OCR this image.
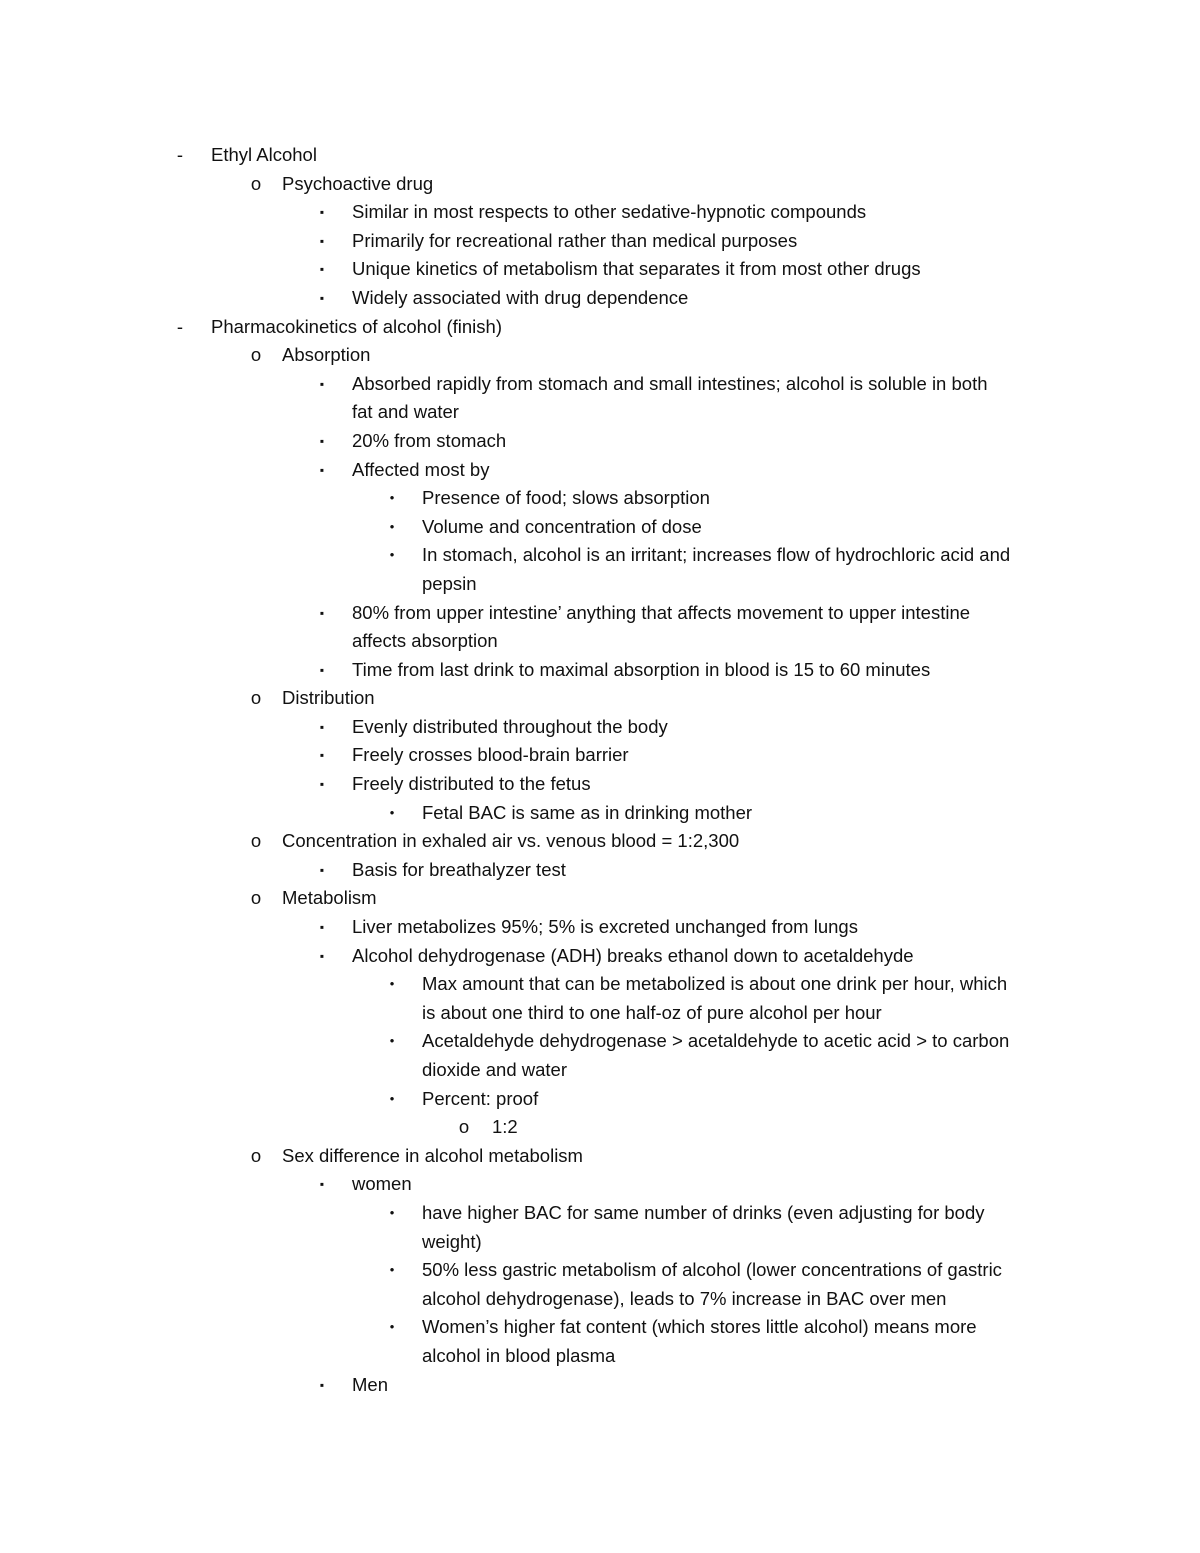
-	Ethyl Alcohol
o Psychoactive drug
▪	Similar in most respects to other sedative-hypnotic compounds
▪	Primarily for recreational rather than medical purposes
▪	Unique kinetics of metabolism that separates it from most other drugs
▪	Widely associated with drug dependence
-	Pharmacokinetics of alcohol (finish)
o Absorption
▪	Absorbed rapidly from stomach and small intestines; alcohol is soluble in both
fat and water
▪	20% from stomach
▪	Affected most by
•	Presence of food; slows absorption
•	Volume and concentration of dose
•	In stomach, alcohol is an irritant; increases flow of hydrochloric acid and
pepsin
▪	80% from upper intestine’ anything that affects movement to upper intestine
affects absorption
▪	Time from last drink to maximal absorption in blood is 15 to 60 minutes
o Distribution
▪	Evenly distributed throughout the body
▪	Freely crosses blood-brain barrier
▪	Freely distributed to the fetus
•	Fetal BAC is same as in drinking mother
o Concentration in exhaled air vs. venous blood = 1:2,300
▪	Basis for breathalyzer test
o Metabolism
▪	Liver metabolizes 95%; 5% is excreted unchanged from lungs
▪	Alcohol dehydrogenase (ADH) breaks ethanol down to acetaldehyde
•	Max amount that can be metabolized is about one drink per hour, which
is about one third to one half-oz of pure alcohol per hour
•	Acetaldehyde dehydrogenase > acetaldehyde to acetic acid > to carbon
dioxide and water
•	Percent: proof
o 1:2
o Sex difference in alcohol metabolism
▪	women
•	have higher BAC for same number of drinks (even adjusting for body
weight)
•	50% less gastric metabolism of alcohol (lower concentrations of gastric
alcohol dehydrogenase), leads to 7% increase in BAC over men
•	Women’s higher fat content (which stores little alcohol) means more
alcohol in blood plasma
▪	Men
